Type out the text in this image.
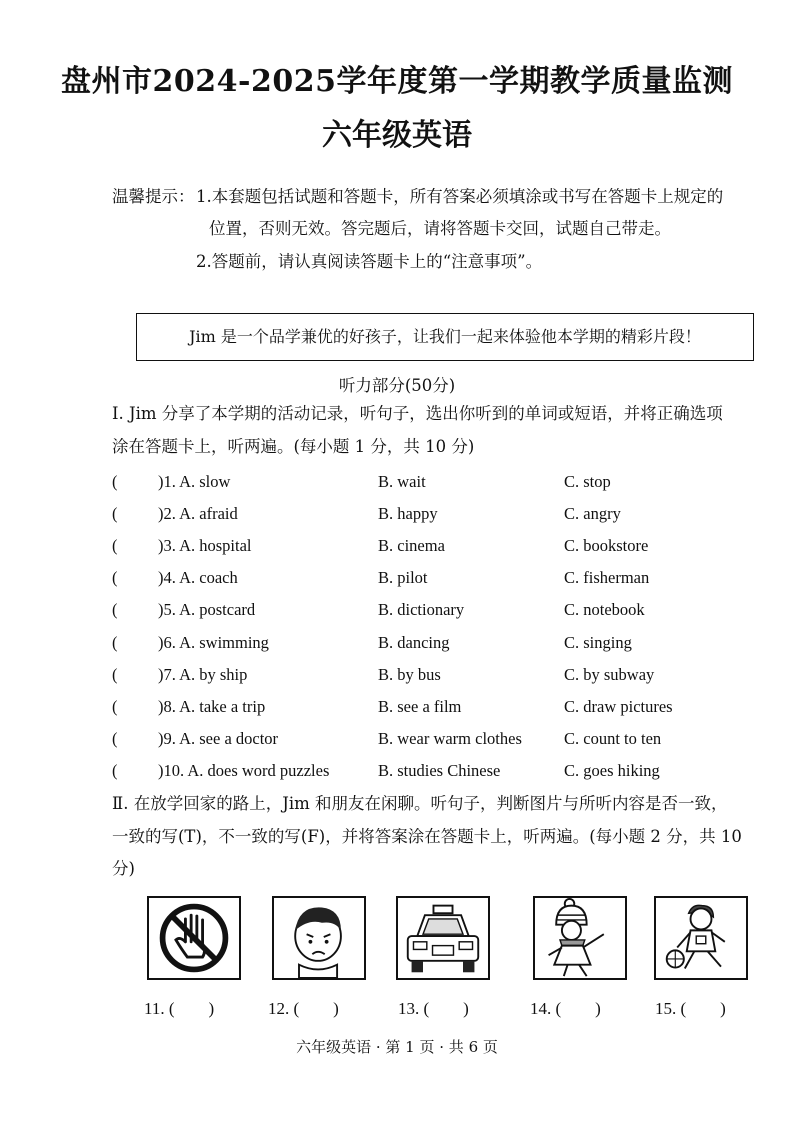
盘州市2024-2025学年度第一学期教学质量监测
六年级英语
温馨提示： 1.本套题包括试题和答题卡，所有答案必须填涂或书写在答题卡上规定的
位置，否则无效。答完题后，请将答题卡交回，试题自己带走。
2.答题前，请认真阅读答题卡上的“注意事项”。
Jim 是一个品学兼优的好孩子，让我们一起来体验他本学期的精彩片段！
听力部分(50分)
Ⅰ. Jim 分享了本学期的活动记录，听句子，选出你听到的单词或短语，并将正确选项
涂在答题卡上，听两遍。(每小题 1 分，共 10 分)
( )1. A. slow	B. wait	C. stop
( )2. A. afraid	B. happy	C. angry
( )3. A. hospital	B. cinema	C. bookstore
( )4. A. coach	B. pilot	C. fisherman
( )5. A. postcard	B. dictionary	C. notebook
( )6. A. swimming	B. dancing	C. singing
( )7. A. by ship	B. by bus	C. by subway
( )8. A. take a trip	B. see a film	C. draw pictures
( )9. A. see a doctor	B. wear warm clothes	C. count to ten
( )10. A. does word puzzles	B. studies Chinese	C. goes hiking
Ⅱ. 在放学回家的路上，Jim 和朋友在闲聊。听句子，判断图片与所听内容是否一致，
一致的写(T)，不一致的写(F)，并将答案涂在答题卡上，听两遍。(每小题 2 分，共 10
分)
11. (        )	12. (        )	13. (        )	14. (        )	15. (        )
六年级英语 · 第 1 页 · 共 6 页
